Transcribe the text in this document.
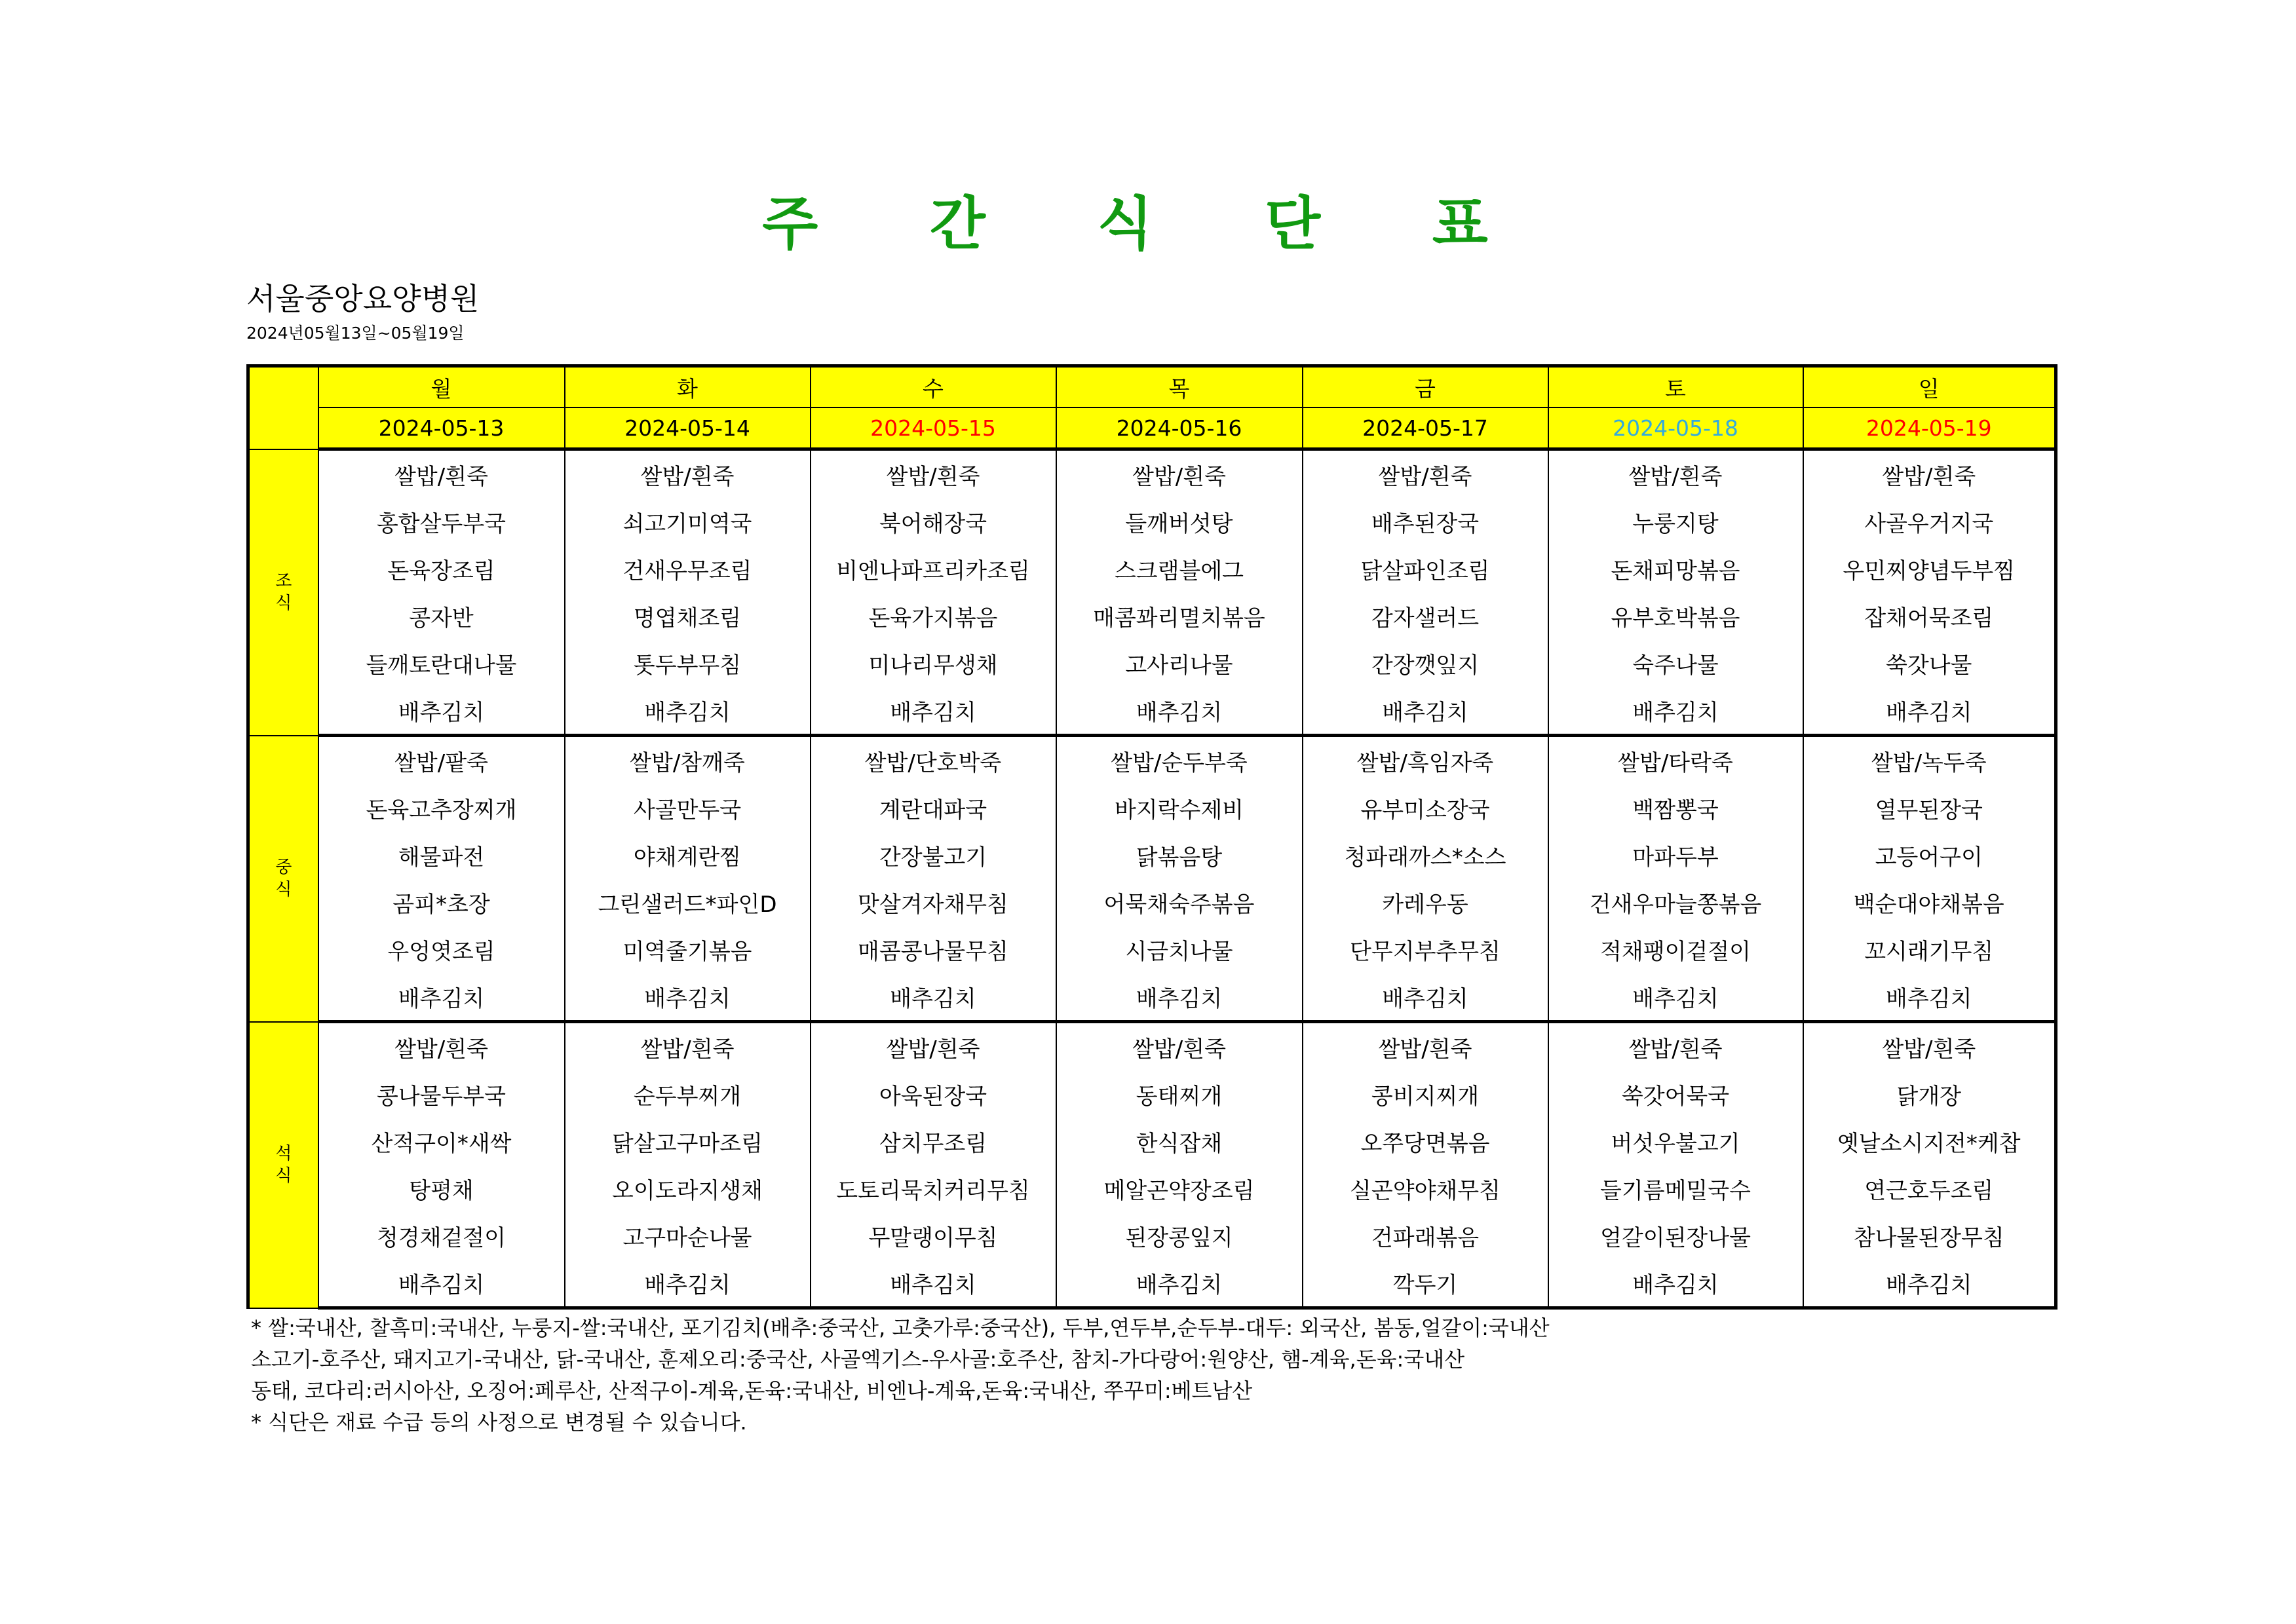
주 간 식 단 표
서울중앙요양병원
2024년05월13일~05월19일
	월	화	수	목	금	토	일
	2024-05-13	2024-05-14	2024-05-15	2024-05-16	2024-05-17	2024-05-18	2024-05-19
조
식	쌀밥/흰죽	쌀밥/흰죽	쌀밥/흰죽	쌀밥/흰죽	쌀밥/흰죽	쌀밥/흰죽	쌀밥/흰죽
	홍합살두부국	쇠고기미역국	북어해장국	들깨버섯탕	배추된장국	누룽지탕	사골우거지국
	돈육장조림	건새우무조림	비엔나파프리카조림	스크램블에그	닭살파인조림	돈채피망볶음	우민찌양념두부찜
	콩자반	명엽채조림	돈육가지볶음	매콤꽈리멸치볶음	감자샐러드	유부호박볶음	잡채어묵조림
	들깨토란대나물	톳두부무침	미나리무생채	고사리나물	간장깻잎지	숙주나물	쑥갓나물
	배추김치	배추김치	배추김치	배추김치	배추김치	배추김치	배추김치
중
식	쌀밥/팥죽	쌀밥/참깨죽	쌀밥/단호박죽	쌀밥/순두부죽	쌀밥/흑임자죽	쌀밥/타락죽	쌀밥/녹두죽
	돈육고추장찌개	사골만두국	계란대파국	바지락수제비	유부미소장국	백짬뽕국	열무된장국
	해물파전	야채계란찜	간장불고기	닭볶음탕	청파래까스*소스	마파두부	고등어구이
	곰피*초장	그린샐러드*파인D	맛살겨자채무침	어묵채숙주볶음	카레우동	건새우마늘쫑볶음	백순대야채볶음
	우엉엿조림	미역줄기볶음	매콤콩나물무침	시금치나물	단무지부추무침	적채팽이겉절이	꼬시래기무침
	배추김치	배추김치	배추김치	배추김치	배추김치	배추김치	배추김치
석
식	쌀밥/흰죽	쌀밥/흰죽	쌀밥/흰죽	쌀밥/흰죽	쌀밥/흰죽	쌀밥/흰죽	쌀밥/흰죽
	콩나물두부국	순두부찌개	아욱된장국	동태찌개	콩비지찌개	쑥갓어묵국	닭개장
	산적구이*새싹	닭살고구마조림	삼치무조림	한식잡채	오쭈당면볶음	버섯우불고기	옛날소시지전*케찹
	탕평채	오이도라지생채	도토리묵치커리무침	메알곤약장조림	실곤약야채무침	들기름메밀국수	연근호두조림
	청경채겉절이	고구마순나물	무말랭이무침	된장콩잎지	건파래볶음	얼갈이된장나물	참나물된장무침
	배추김치	배추김치	배추김치	배추김치	깍두기	배추김치	배추김치
* 쌀:국내산, 찰흑미:국내산, 누룽지-쌀:국내산, 포기김치(배추:중국산, 고춧가루:중국산), 두부,연두부,순두부-대두: 외국산, 봄동,얼갈이:국내산
소고기-호주산, 돼지고기-국내산, 닭-국내산, 훈제오리:중국산, 사골엑기스-우사골:호주산, 참치-가다랑어:원양산, 햄-계육,돈육:국내산
동태, 코다리:러시아산, 오징어:페루산, 산적구이-계육,돈육:국내산, 비엔나-계육,돈육:국내산, 쭈꾸미:베트남산
* 식단은 재료 수급 등의 사정으로 변경될 수 있습니다.
